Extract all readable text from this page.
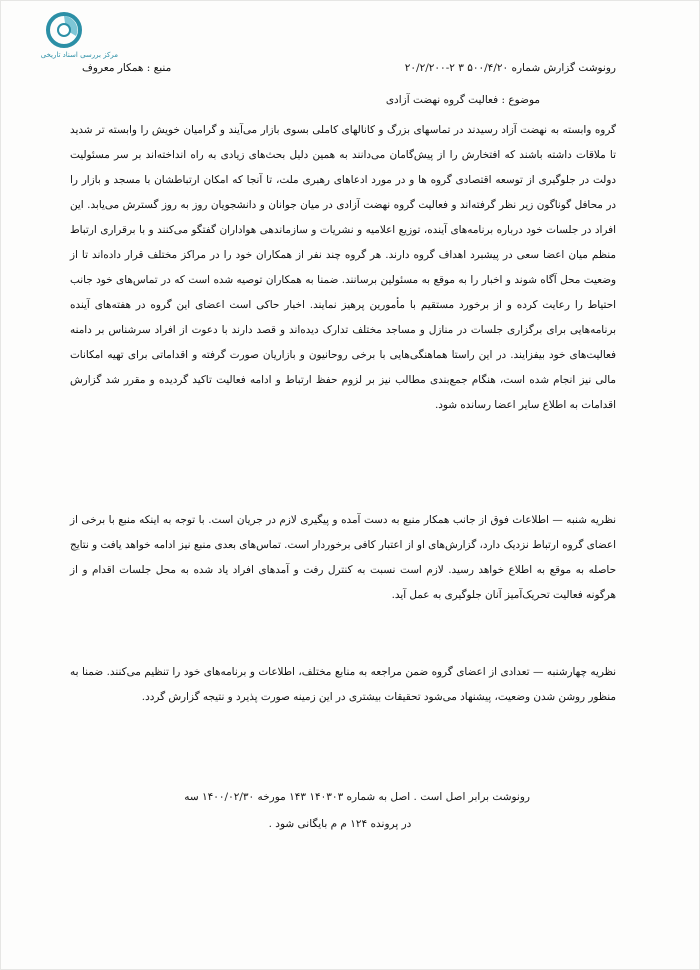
مرکز بررسی اسناد تاریخی
رونوشت گزارش شماره ۵۰۰/۴/۲۰ ۳ ۲-۲۰/۲/۲۰۰
منبع : همکار معروف
موضوع : فعالیت گروه نهضت آزادی

گروه وابسته به نهضت آزاد رسیدند در تماسهای بزرگ و کانالهای کاملی بسوی بازار می‌آیند و گرامیان خویش را وابسته تر شدید تا ملاقات داشته باشند که افتخارش را از پیش‌گامان می‌دانند به همین دلیل بحث‌های زیادی به راه انداخته‌اند بر سر مسئولیت دولت در جلوگیری از توسعه اقتصادی گروه ها و در مورد ادعاهای رهبری ملت، تا آنجا که امکان ارتباطشان با مسجد و بازار را در محافل گوناگون زیر نظر گرفته‌اند و فعالیت گروه نهضت آزادی در میان جوانان و دانشجویان روز به روز گسترش می‌یابد. این افراد در جلسات خود درباره برنامه‌های آینده، توزیع اعلامیه و نشریات و سازماندهی هواداران گفتگو می‌کنند و با برقراری ارتباط منظم میان اعضا سعی در پیشبرد اهداف گروه دارند. هر گروه چند نفر از همکاران خود را در مراکز مختلف قرار داده‌اند تا از وضعیت محل آگاه شوند و اخبار را به موقع به مسئولین برسانند. ضمنا به همکاران توصیه شده است که در تماس‌های خود جانب احتیاط را رعایت کرده و از برخورد مستقیم با مأمورین پرهیز نمایند. اخبار حاکی است اعضای این گروه در هفته‌های آینده برنامه‌هایی برای برگزاری جلسات در منازل و مساجد مختلف تدارک دیده‌اند و قصد دارند با دعوت از افراد سرشناس بر دامنه فعالیت‌های خود بیفزایند. در این راستا هماهنگی‌هایی با برخی روحانیون و بازاریان صورت گرفته و اقداماتی برای تهیه امکانات مالی نیز انجام شده است، هنگام جمع‌بندی مطالب نیز بر لزوم حفظ ارتباط و ادامه فعالیت تاکید گردیده و مقرر شد گزارش اقدامات به اطلاع سایر اعضا رسانده شود.

نظریه شنبه — اطلاعات فوق از جانب همکار منبع به دست آمده و پیگیری لازم در جریان است. با توجه به اینکه منبع با برخی از اعضای گروه ارتباط نزدیک دارد، گزارش‌های او از اعتبار کافی برخوردار است. تماس‌های بعدی منبع نیز ادامه خواهد یافت و نتایج حاصله به موقع به اطلاع خواهد رسید. لازم است نسبت به کنترل رفت و آمدهای افراد یاد شده به محل جلسات اقدام و از هرگونه فعالیت تحریک‌آمیز آنان جلوگیری به عمل آید.

نظریه چهارشنبه — تعدادی از اعضای گروه ضمن مراجعه به منابع مختلف، اطلاعات و برنامه‌های خود را تنظیم می‌کنند. ضمنا به منظور روشن شدن وضعیت، پیشنهاد می‌شود تحقیقات بیشتری در این زمینه صورت پذیرد و نتیجه گزارش گردد.

رونوشت برابر اصل است . اصل به شماره ۱۴۰۳۰۳ ۱۴۳ مورخه ۱۴۰۰/۰۲/۳۰ سه
در پرونده ۱۲۴ م م بایگانی شود .
